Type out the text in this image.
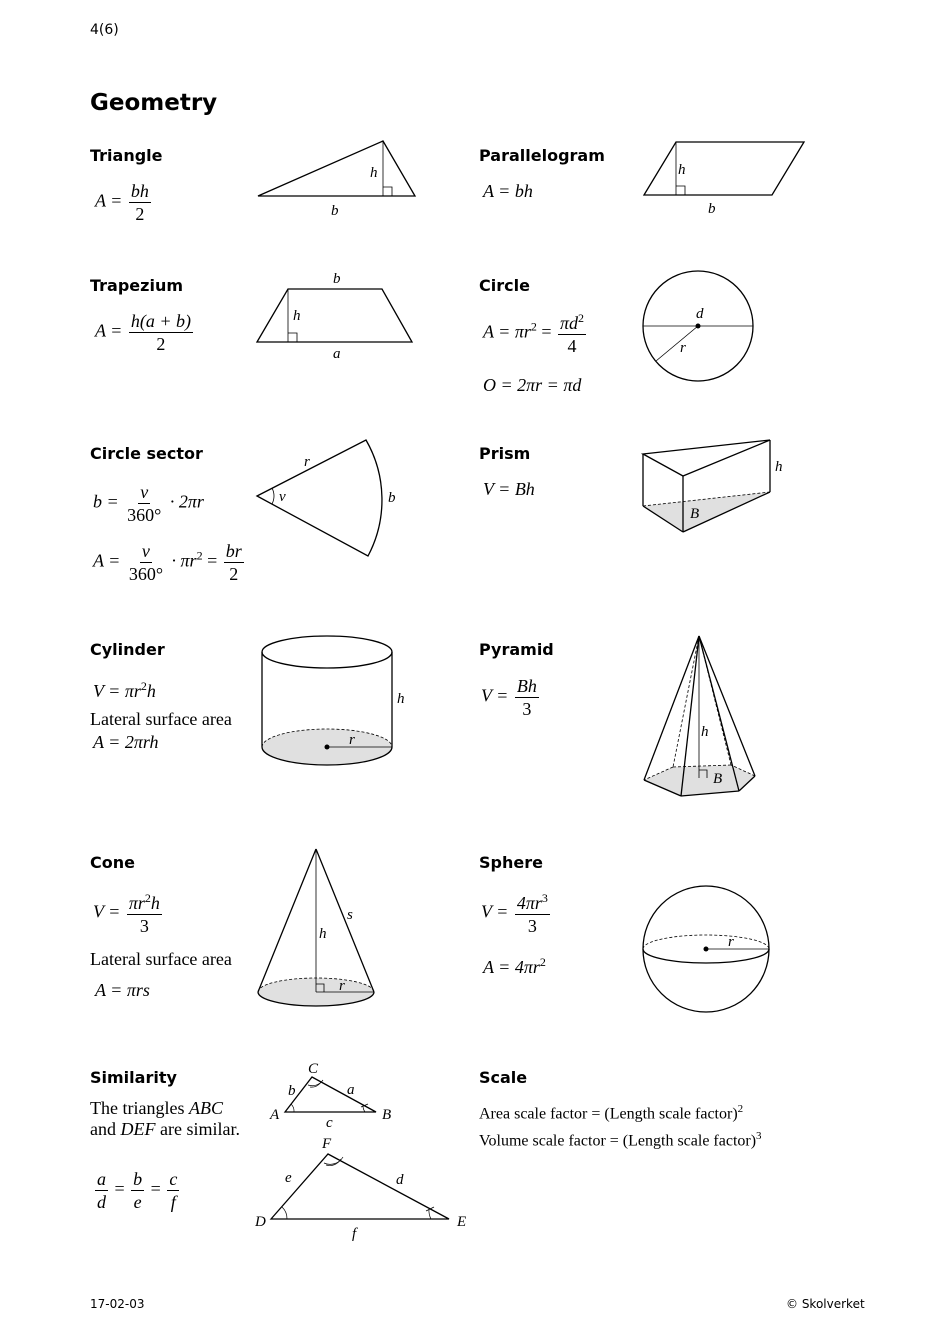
4(6)
Geometry
Triangle
$A = \frac{bh}{2}$
h
b
Parallelogram
A = bh
h
b
Trapezium
$A = \frac{h(a + b)}{2}$
b
h
a
Circle
$A = \pi r^2 = \frac{\pi d^2}{4}$
O = 2πr = πd
d
r
Circle sector
$b = \frac{v}{360^\circ} \cdot 2\pi r$
$A = \frac{v}{360^\circ} \cdot \pi r^2 = \frac{br}{2}$
r
v	b
Prism
V = Bh
h
B
Cylinder
$V = \pi r^2h$
Lateral surface area
A = 2πrh
h
r
Pyramid
$V = \frac{Bh}{3}$
h
B
Cone
$V = \frac{\pi r^2h}{3}$
Lateral surface area
A = πrs
s
h
r
Sphere
$V = \frac{4\pi r^3}{3}$
$A = 4\pi r^2$
r
Similarity
The triangles ABC
and DEF are similar.
$\frac{a}{d} = \frac{b}{e} = \frac{c}{f}$
A
C
B
b	a
c
D
F
E
e	d
f
Scale
Area scale factor = (Length scale factor)$^2$
Volume scale factor = (Length scale factor)$^3$
17-02-03	© Skolverket
